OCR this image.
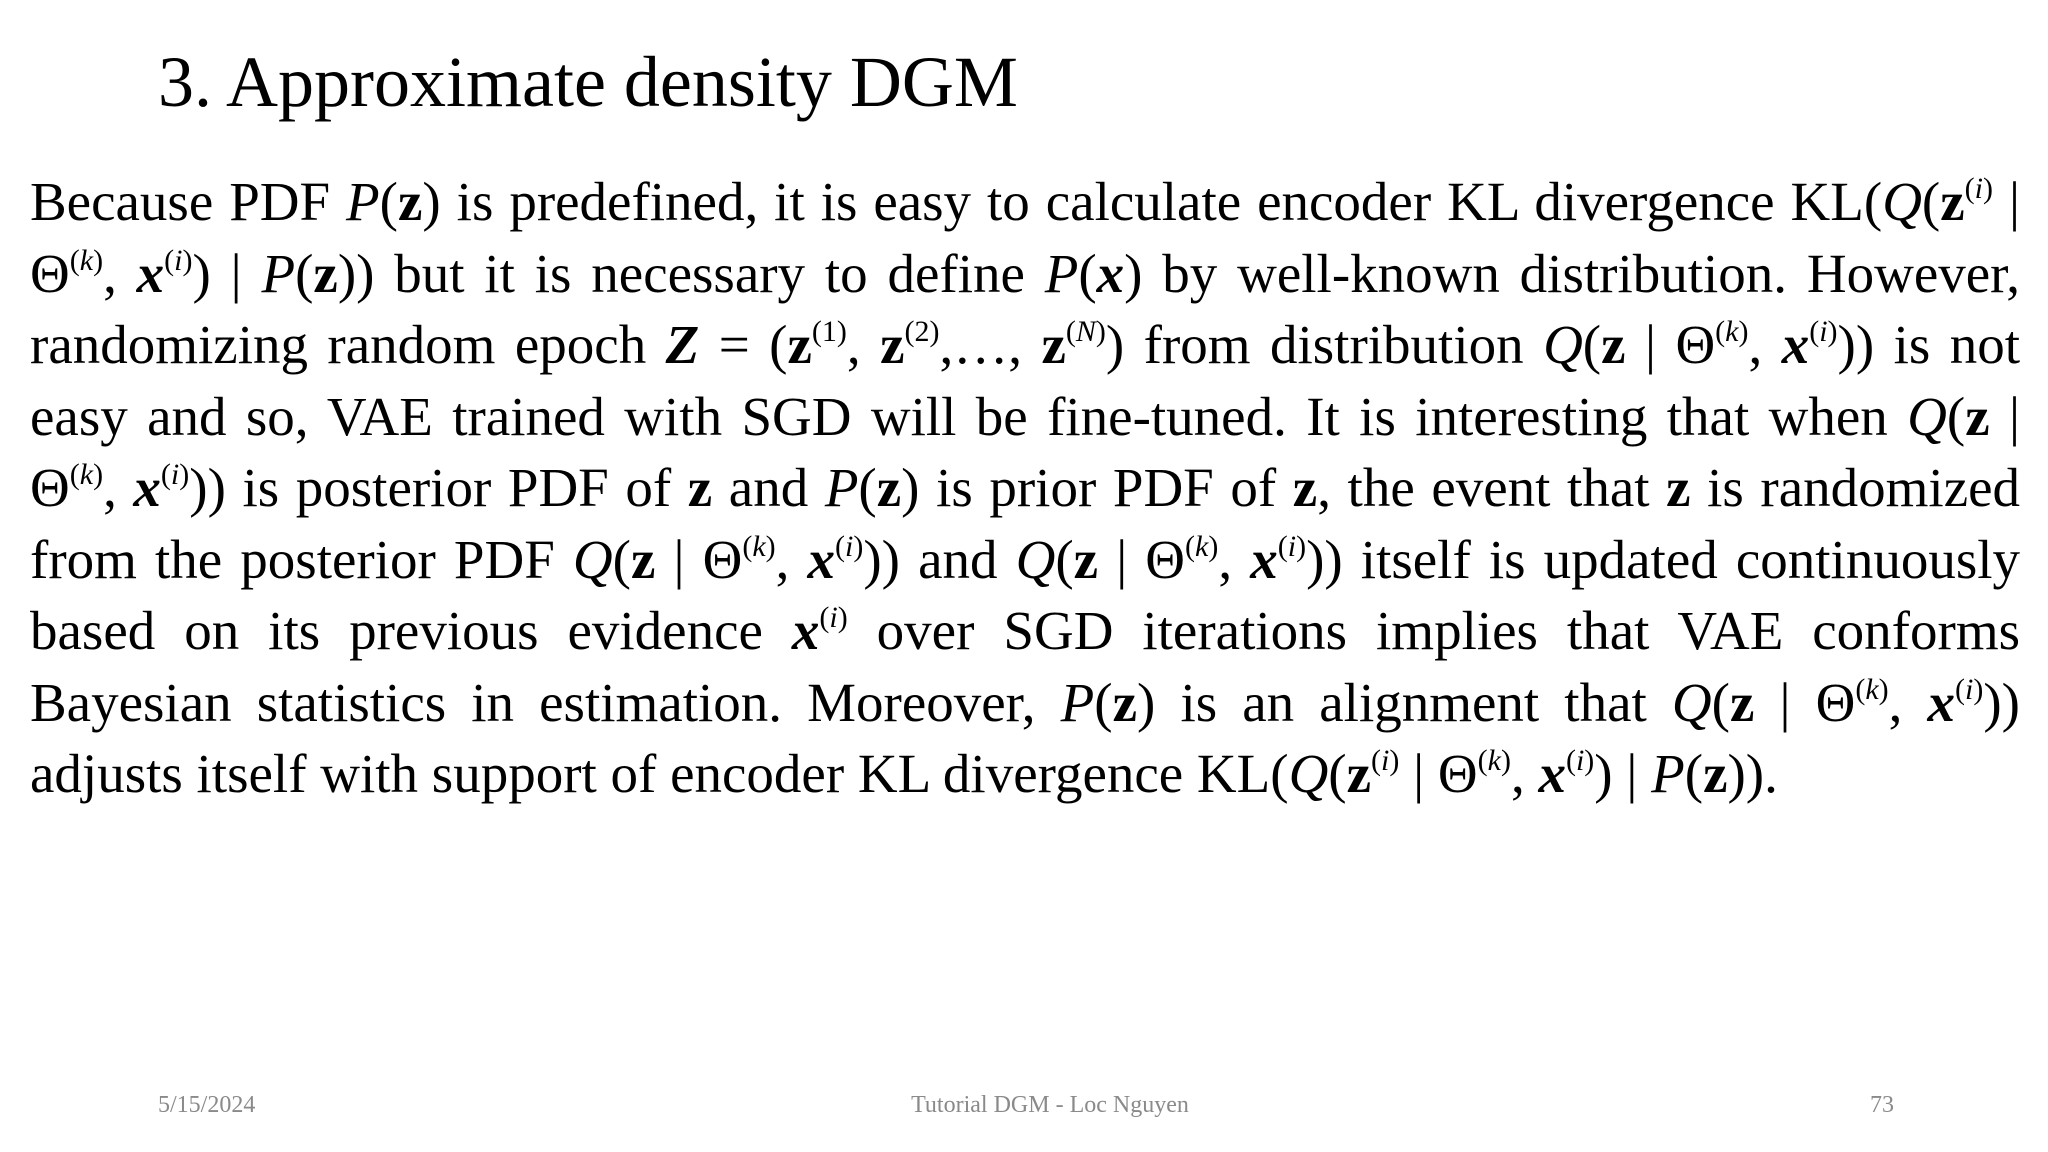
3. Approximate density DGM
Because PDF P(z) is predefined, it is easy to calculate encoder KL divergence $KL(Q(z^{(i)}$ | $\Theta^{(k)}$, $x^{(i)}$) | P(z)) but it is necessary to define P(x) by well-known distribution. However, randomizing random epoch $Z = (z^{(1)}$, $z^{(2)},\dots$, $z^{(N)}$) from distribution Q(z | $\Theta^{(k)}$, $x^{(i)}$)) is not easy and so, VAE trained with SGD will be fine-tuned. It is interesting that when Q(z | $\Theta^{(k)}$, $x^{(i)}$)) is posterior PDF of z and P(z) is prior PDF of z, the event that z is randomized from the posterior PDF Q(z | $\Theta^{(k)}$, $x^{(i)}$)) and Q(z | $\Theta^{(k)}$, $x^{(i)}$)) itself is updated continuously based on its previous evidence $x^{(i)}$ over SGD iterations implies that VAE conforms Bayesian statistics in estimation. Moreover, P(z) is an alignment that Q(z | $\Theta^{(k)}$, $x^{(i)}$)) adjusts itself with support of encoder KL divergence $KL(Q(z^{(i)}$ | $\Theta^{(k)}$, $x^{(i)}$) | P(z)).
5/15/2024	Tutorial DGM - Loc Nguyen	73
